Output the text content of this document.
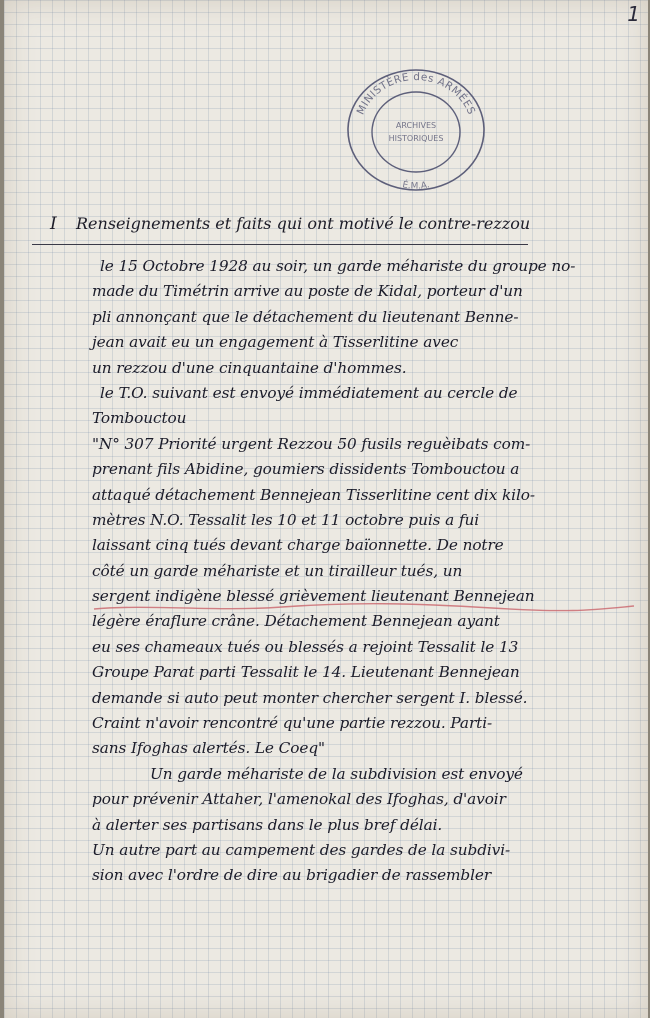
1
MINISTÈRE des ARMÉES
É.M.A.
ARCHIVES
HISTORIQUES
I Renseignements et faits qui ont motivé le contre-rezzou
le 15 Octobre 1928 au soir, un garde méhariste du groupe no-
made du Timétrin arrive au poste de Kidal, porteur d'un
pli annonçant que le détachement du lieutenant Benne-
jean avait eu un engagement à Tisserlitine avec
un rezzou d'une cinquantaine d'hommes.
le T.O. suivant est envoyé immédiatement au cercle de
Tombouctou
"N° 307 Priorité urgent Rezzou 50 fusils reguèibats com-
prenant fils Abidine, goumiers dissidents Tombouctou a
attaqué détachement Bennejean Tisserlitine cent dix kilo-
mètres N.O. Tessalit les 10 et 11 octobre puis a fui
laissant cinq tués devant charge baïonnette. De notre
côté un garde méhariste et un tirailleur tués, un
sergent indigène blessé grièvement lieutenant Bennejean
légère éraflure crâne. Détachement Bennejean ayant
eu ses chameaux tués ou blessés a rejoint Tessalit le 13
Groupe Parat parti Tessalit le 14. Lieutenant Bennejean
demande si auto peut monter chercher sergent I. blessé.
Craint n'avoir rencontré qu'une partie rezzou. Parti-
sans Ifoghas alertés. Le Coeq"
Un garde méhariste de la subdivision est envoyé
pour prévenir Attaher, l'amenokal des Ifoghas, d'avoir
à alerter ses partisans dans le plus bref délai.
Un autre part au campement des gardes de la subdivi-
sion avec l'ordre de dire au brigadier de rassembler
